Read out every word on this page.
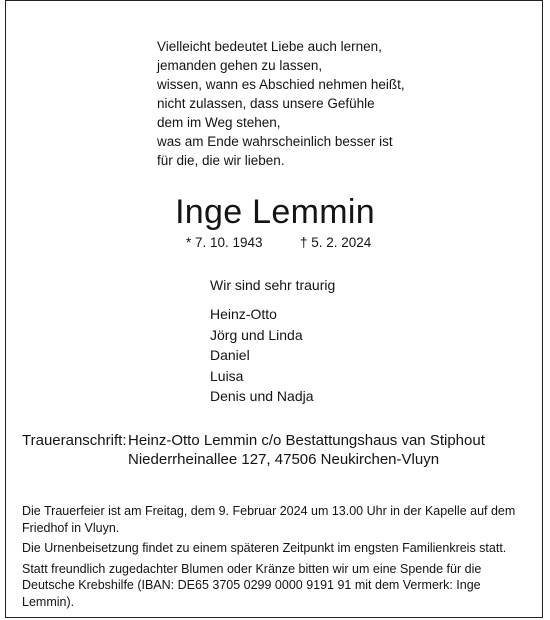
Vielleicht bedeutet Liebe auch lernen,
jemanden gehen zu lassen,
wissen, wann es Abschied nehmen heißt,
nicht zulassen, dass unsere Gefühle
dem im Weg stehen,
was am Ende wahrscheinlich besser ist
für die, die wir lieben.
Inge Lemmin
* 7. 10. 1943	† 5. 2. 2024
Wir sind sehr traurig
Heinz-Otto
Jörg und Linda
Daniel
Luisa
Denis und Nadja
Traueranschrift: Heinz-Otto Lemmin c/o Bestattungshaus van Stiphout
Niederrheinallee 127, 47506 Neukirchen-Vluyn
Die Trauerfeier ist am Freitag, dem 9. Februar 2024 um 13.00 Uhr in der Kapelle auf dem Friedhof in Vluyn.
Die Urnenbeisetzung findet zu einem späteren Zeitpunkt im engsten Familienkreis statt.
Statt freundlich zugedachter Blumen oder Kränze bitten wir um eine Spende für die Deutsche Krebshilfe (IBAN: DE65 3705 0299 0000 9191 91 mit dem Vermerk: Inge Lemmin).
